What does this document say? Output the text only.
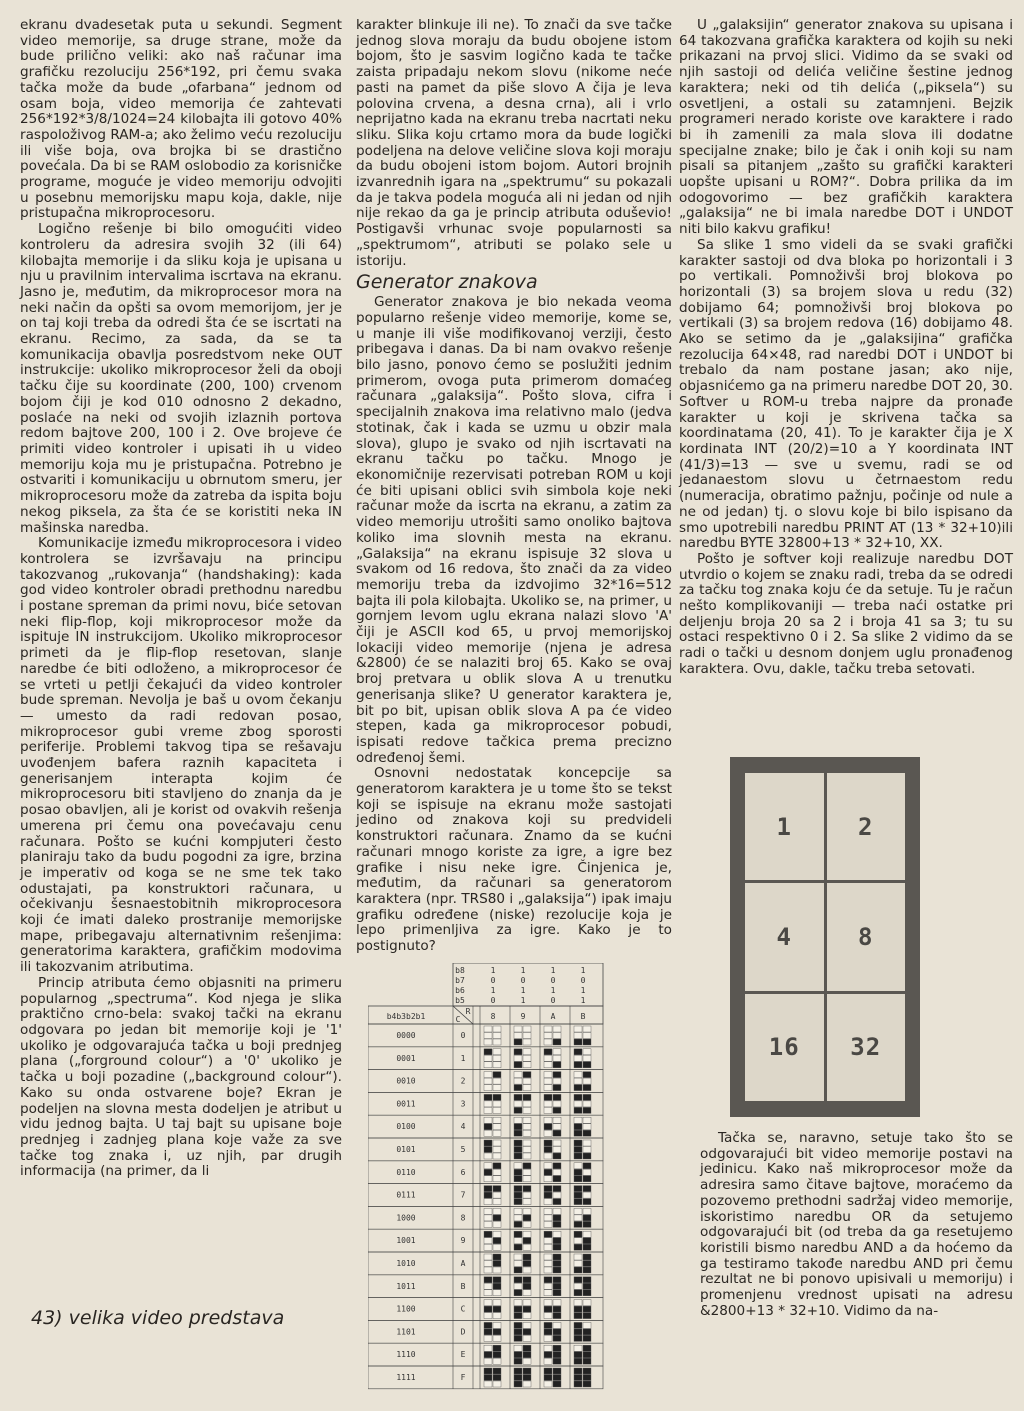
ekranu dvadesetak puta u sekundi. Segment video memorije, sa druge strane, može da bude prilično veliki: ako naš računar ima grafičku rezoluciju 256*192, pri čemu svaka tačka može da bude „ofarbana“ jednom od osam boja, video memorija će zahtevati 256*192*3/8/1024=24 kilobajta ili gotovo 40% raspoloživog RAM-a; ako želimo veću rezoluciju ili više boja, ova brojka bi se drastično povećala. Da bi se RAM oslobodio za korisničke programe, moguće je video memoriju odvojiti u posebnu memorijsku mapu koja, dakle, nije pristupačna mikroprocesoru.

Logično rešenje bi bilo omogućiti video kontroleru da adresira svojih 32 (ili 64) kilobajta memorije i da sliku koja je upisana u nju u pravilnim intervalima iscrtava na ekranu. Jasno je, međutim, da mikroprocesor mora na neki način da opšti sa ovom memorijom, jer je on taj koji treba da odredi šta će se iscrtati na ekranu. Recimo, za sada, da se ta komunikacija obavlja posredstvom neke OUT instrukcije: ukoliko mikroprocesor želi da oboji tačku čije su koordinate (200, 100) crvenom bojom čiji je kod 010 odnosno 2 dekadno, poslaće na neki od svojih izlaznih portova redom bajtove 200, 100 i 2. Ove brojeve će primiti video kontroler i upisati ih u video memoriju koja mu je pristupačna. Potrebno je ostvariti i komunikaciju u obrnutom smeru, jer mikroprocesoru može da zatreba da ispita boju nekog piksela, za šta će se koristiti neka IN mašinska naredba.

Komunikacije između mikroprocesora i video kontrolera se izvršavaju na principu takozvanog „rukovanja“ (handshaking): kada god video kontroler obradi prethodnu naredbu i postane spreman da primi novu, biće setovan neki flip-flop, koji mikroprocesor može da ispituje IN instrukcijom. Ukoliko mikroprocesor primeti da je flip-flop resetovan, slanje naredbe će biti odloženo, a mikroprocesor će se vrteti u petlji čekajući da video kontroler bude spreman. Nevolja je baš u ovom čekanju — umesto da radi redovan posao, mikroprocesor gubi vreme zbog sporosti periferije. Problemi takvog tipa se rešavaju uvođenjem bafera raznih kapaciteta i generisanjem interapta kojim će mikroprocesoru biti stavljeno do znanja da je posao obavljen, ali je korist od ovakvih rešenja umerena pri čemu ona povećavaju cenu računara. Pošto se kućni kompjuteri često planiraju tako da budu pogodni za igre, brzina je imperativ od koga se ne sme tek tako odustajati, pa konstruktori računara, u očekivanju šesnaestobitnih mikroprocesora koji će imati daleko prostranije memorijske mape, pribegavaju alternativnim rešenjima: generatorima karaktera, grafičkim modovima ili takozvanim atributima.

Princip atributa ćemo objasniti na primeru popularnog „spectruma“. Kod njega je slika praktično crno-bela: svakoj tački na ekranu odgovara po jedan bit memorije koji je '1' ukoliko je odgovarajuća tačka u boji prednjeg plana („forground colour“) a '0' ukoliko je tačka u boji pozadine („background colour“). Kako su onda ostvarene boje? Ekran je podeljen na slovna mesta dodeljen je atribut u vidu jednog bajta. U taj bajt su upisane boje prednjeg i zadnjeg plana koje važe za sve tačke tog znaka i, uz njih, par drugih informacija (na primer, da li

karakter blinkuje ili ne). To znači da sve tačke jednog slova moraju da budu obojene istom bojom, što je sasvim logično kada te tačke zaista pripadaju nekom slovu (nikome neće pasti na pamet da piše slovo A čija je leva polovina crvena, a desna crna), ali i vrlo neprijatno kada na ekranu treba nacrtati neku sliku. Slika koju crtamo mora da bude logički podeljena na delove veličine slova koji moraju da budu obojeni istom bojom. Autori brojnih izvanrednih igara na „spektrumu“ su pokazali da je takva podela moguća ali ni jedan od njih nije rekao da ga je princip atributa oduševio! Postigavši vrhunac svoje popularnosti sa „spektrumom“, atributi se polako sele u istoriju.

Generator znakova

Generator znakova je bio nekada veoma popularno rešenje video memorije, kome se, u manje ili više modifikovanoj verziji, često pribegava i danas. Da bi nam ovakvo rešenje bilo jasno, ponovo ćemo se poslužiti jednim primerom, ovoga puta primerom domaćeg računara „galaksija“. Pošto slova, cifra i specijalnih znakova ima relativno malo (jedva stotinak, čak i kada se uzmu u obzir mala slova), glupo je svako od njih iscrtavati na ekranu tačku po tačku. Mnogo je ekonomičnije rezervisati potreban ROM u koji će biti upisani oblici svih simbola koje neki računar može da iscrta na ekranu, a zatim za video memoriju utrošiti samo onoliko bajtova koliko ima slovnih mesta na ekranu. „Galaksija“ na ekranu ispisuje 32 slova u svakom od 16 redova, što znači da za video memoriju treba da izdvojimo 32*16=512 bajta ili pola kilobajta. Ukoliko se, na primer, u gornjem levom uglu ekrana nalazi slovo 'A' čiji je ASCII kod 65, u prvoj memorijskoj lokaciji video memorije (njena je adresa &2800) će se nalaziti broj 65. Kako se ovaj broj pretvara u oblik slova A u trenutku generisanja slike? U generator karaktera je, bit po bit, upisan oblik slova A pa će video stepen, kada ga mikroprocesor pobudi, ispisati redove tačkica prema precizno određenoj šemi.

Osnovni nedostatak koncepcije sa generatorom karaktera je u tome što se tekst koji se ispisuje na ekranu može sastojati jedino od znakova koji su predvideli konstruktori računara. Znamo da se kućni računari mnogo koriste za igre, a igre bez grafike i nisu neke igre. Činjenica je, međutim, da računari sa generatorom karaktera (npr. TRS80 i „galaksija“) ipak imaju grafiku određene (niske) rezolucije koja je lepo primenljiva za igre. Kako je to postignuto?

U „galaksijin“ generator znakova su upisana i 64 takozvana grafička karaktera od kojih su neki prikazani na prvoj slici. Vidimo da se svaki od njih sastoji od delića veličine šestine jednog karaktera; neki od tih delića („piksela“) su osvetljeni, a ostali su zatamnjeni. Bejzik programeri nerado koriste ove karaktere i rado bi ih zamenili za mala slova ili dodatne specijalne znake; bilo je čak i onih koji su nam pisali sa pitanjem „zašto su grafički karakteri uopšte upisani u ROM?“. Dobra prilika da im odogovorimo — bez grafičkih karaktera „galaksija“ ne bi imala naredbe DOT i UNDOT niti bilo kakvu grafiku!

Sa slike 1 smo videli da se svaki grafički karakter sastoji od dva bloka po horizontali i 3 po vertikali. Pomnoživši broj blokova po horizontali (3) sa brojem slova u redu (32) dobijamo 64; pomnoživši broj blokova po vertikali (3) sa brojem redova (16) dobijamo 48. Ako se setimo da je „galaksijina“ grafička rezolucija 64×48, rad naredbi DOT i UNDOT bi trebalo da nam postane jasan; ako nije, objasnićemo ga na primeru naredbe DOT 20, 30. Softver u ROM-u treba najpre da pronađe karakter u koji je skrivena tačka sa koordinatama (20, 41). To je karakter čija je X kordinata INT (20/2)=10 a Y koordinata INT (41/3)=13 — sve u svemu, radi se od jedanaestom slovu u četrnaestom redu (numeracija, obratimo pažnju, počinje od nule a ne od jedan) tj. o slovu koje bi bilo ispisano da smo upotrebili naredbu PRINT AT (13 * 32+10)ili naredbu BYTE 32800+13 * 32+10, XX.

Pošto je softver koji realizuje naredbu DOT utvrdio o kojem se znaku radi, treba da se odredi za tačku tog znaka koju će da setuje. Tu je račun nešto komplikovaniji — treba naći ostatke pri deljenju broja 20 sa 2 i broja 41 sa 3; tu su ostaci respektivno 0 i 2. Sa slike 2 vidimo da se radi o tački u desnom donjem uglu pronađenog karaktera. Ovu, dakle, tačku treba setovati.

Tačka se, naravno, setuje tako što se odgovarajući bit video memorije postavi na jedinicu. Kako naš mikroprocesor može da adresira samo čitave bajtove, moraćemo da pozovemo prethodni sadržaj video memorije, iskoristimo naredbu OR da setujemo odgovarajući bit (od treba da ga resetujemo koristili bismo naredbu AND a da hoćemo da ga testiramo takođe naredbu AND pri čemu rezultat ne bi ponovo upisivali u memoriju) i promenjenu vrednost upisati na adresu &2800+13 * 32+10. Vidimo da na-

1	2
4	8
16	32
b8	1	1	1	1
b7	0	0	0	0
b6	1	1	1	1
b5	0	1	0	1
b4b3b2b1
R
C	8	9	A	B
0000	0
0001	1
0010	2
0011	3
0100	4
0101	5
0110	6
0111	7
1000	8
1001	9
1010	A
1011	B
1100	C
1101	D
1110	E
1111	F
43) velika video predstava
